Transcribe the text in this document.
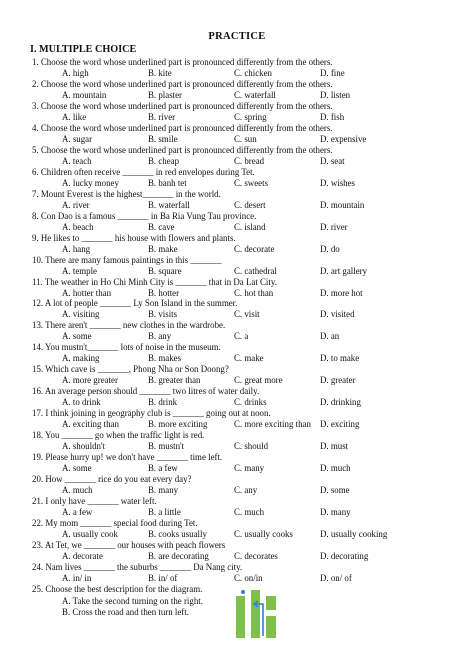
PRACTICE
I. MULTIPLE CHOICE
1. Choose the word whose underlined part is pronounced differently from the others.
A. high	B. kite	C. chicken	D. fine
2. Choose the word whose underlined part is pronounced differently from the others.
A. mountain	B. plaster	C. waterfall	D. listen
3. Choose the word whose underlined part is pronounced differently from the others.
A. like	B. river	C. spring	D. fish
4. Choose the word whose underlined part is pronounced differently from the others.
A. sugar	B. smile	C. sun	D. expensive
5. Choose the word whose underlined part is pronounced differently from the others.
A. teach	B. cheap	C. bread	D. seat
6. Children often receive _______ in red envelopes during Tet.
A. lucky money	B. banh tet	C. sweets	D. wishes
7. Mount Everest is the highest_______ in the world.
A. river	B. waterfall	C. desert	D. mountain
8. Con Dao is a famous _______ in Ba Ria Vung Tau province.
A. beach	B. cave	C. island	D. river
9. He likes to _______ his house with flowers and plants.
A. hang	B. make	C. decorate	D. do
10. There are many famous paintings in this _______
A. temple	B. square	C. cathedral	D. art gallery
11. The weather in Ho Chi Minh City is _______ that in Da Lat City.
A. hotter than	B. hotter	C. hot than	D. more hot
12. A lot of people _______ Ly Son Island in the summer.
A. visiting	B. visits	C. visit	D. visited
13. There aren't _______ new clothes in the wardrobe.
A. some	B. any	C. a	D. an
14. You mustn't_______ lots of noise in the museum.
A. making	B. makes	C. make	D. to make
15. Which cave is _______, Phong Nha or Son Doong?
A. more greater	B. greater than	C. great more	D. greater
16. An average person should _______ two litres of water daily.
A. to drink	B. drink	C. drinks	D. drinking
17. I think joining in geography club is _______ going out at noon.
A. exciting than	B. more exciting	C. more exciting than D. exciting
18. You _______ go when the traffic light is red.
A. shouldn't	B. mustn't	C. should	D. must
19. Please hurry up! we don't have _______ time left.
A. some	B. a few	C. many	D. much
20. How _______ rice do you eat every day?
A. much	B. many	C. any	D. some
21. I only have _______ water left.
A. a few	B. a little	C. much	D. many
22. My mom _______ special food during Tet.
A. usually cook	B. cooks usually	C. usually cooks	D. usually cooking
23. At Tet, we _______ our houses with peach flowers
A. decorate	B. are decorating	C. decorates	D. decorating
24. Nam lives _______ the suburbs _______ Da Nang city.
A. in/ in	B. in/ of	C. on/in	D. on/ of
25. Choose the best description for the diagram.
A. Take the second turning on the right.
B. Cross the road and then turn left.
